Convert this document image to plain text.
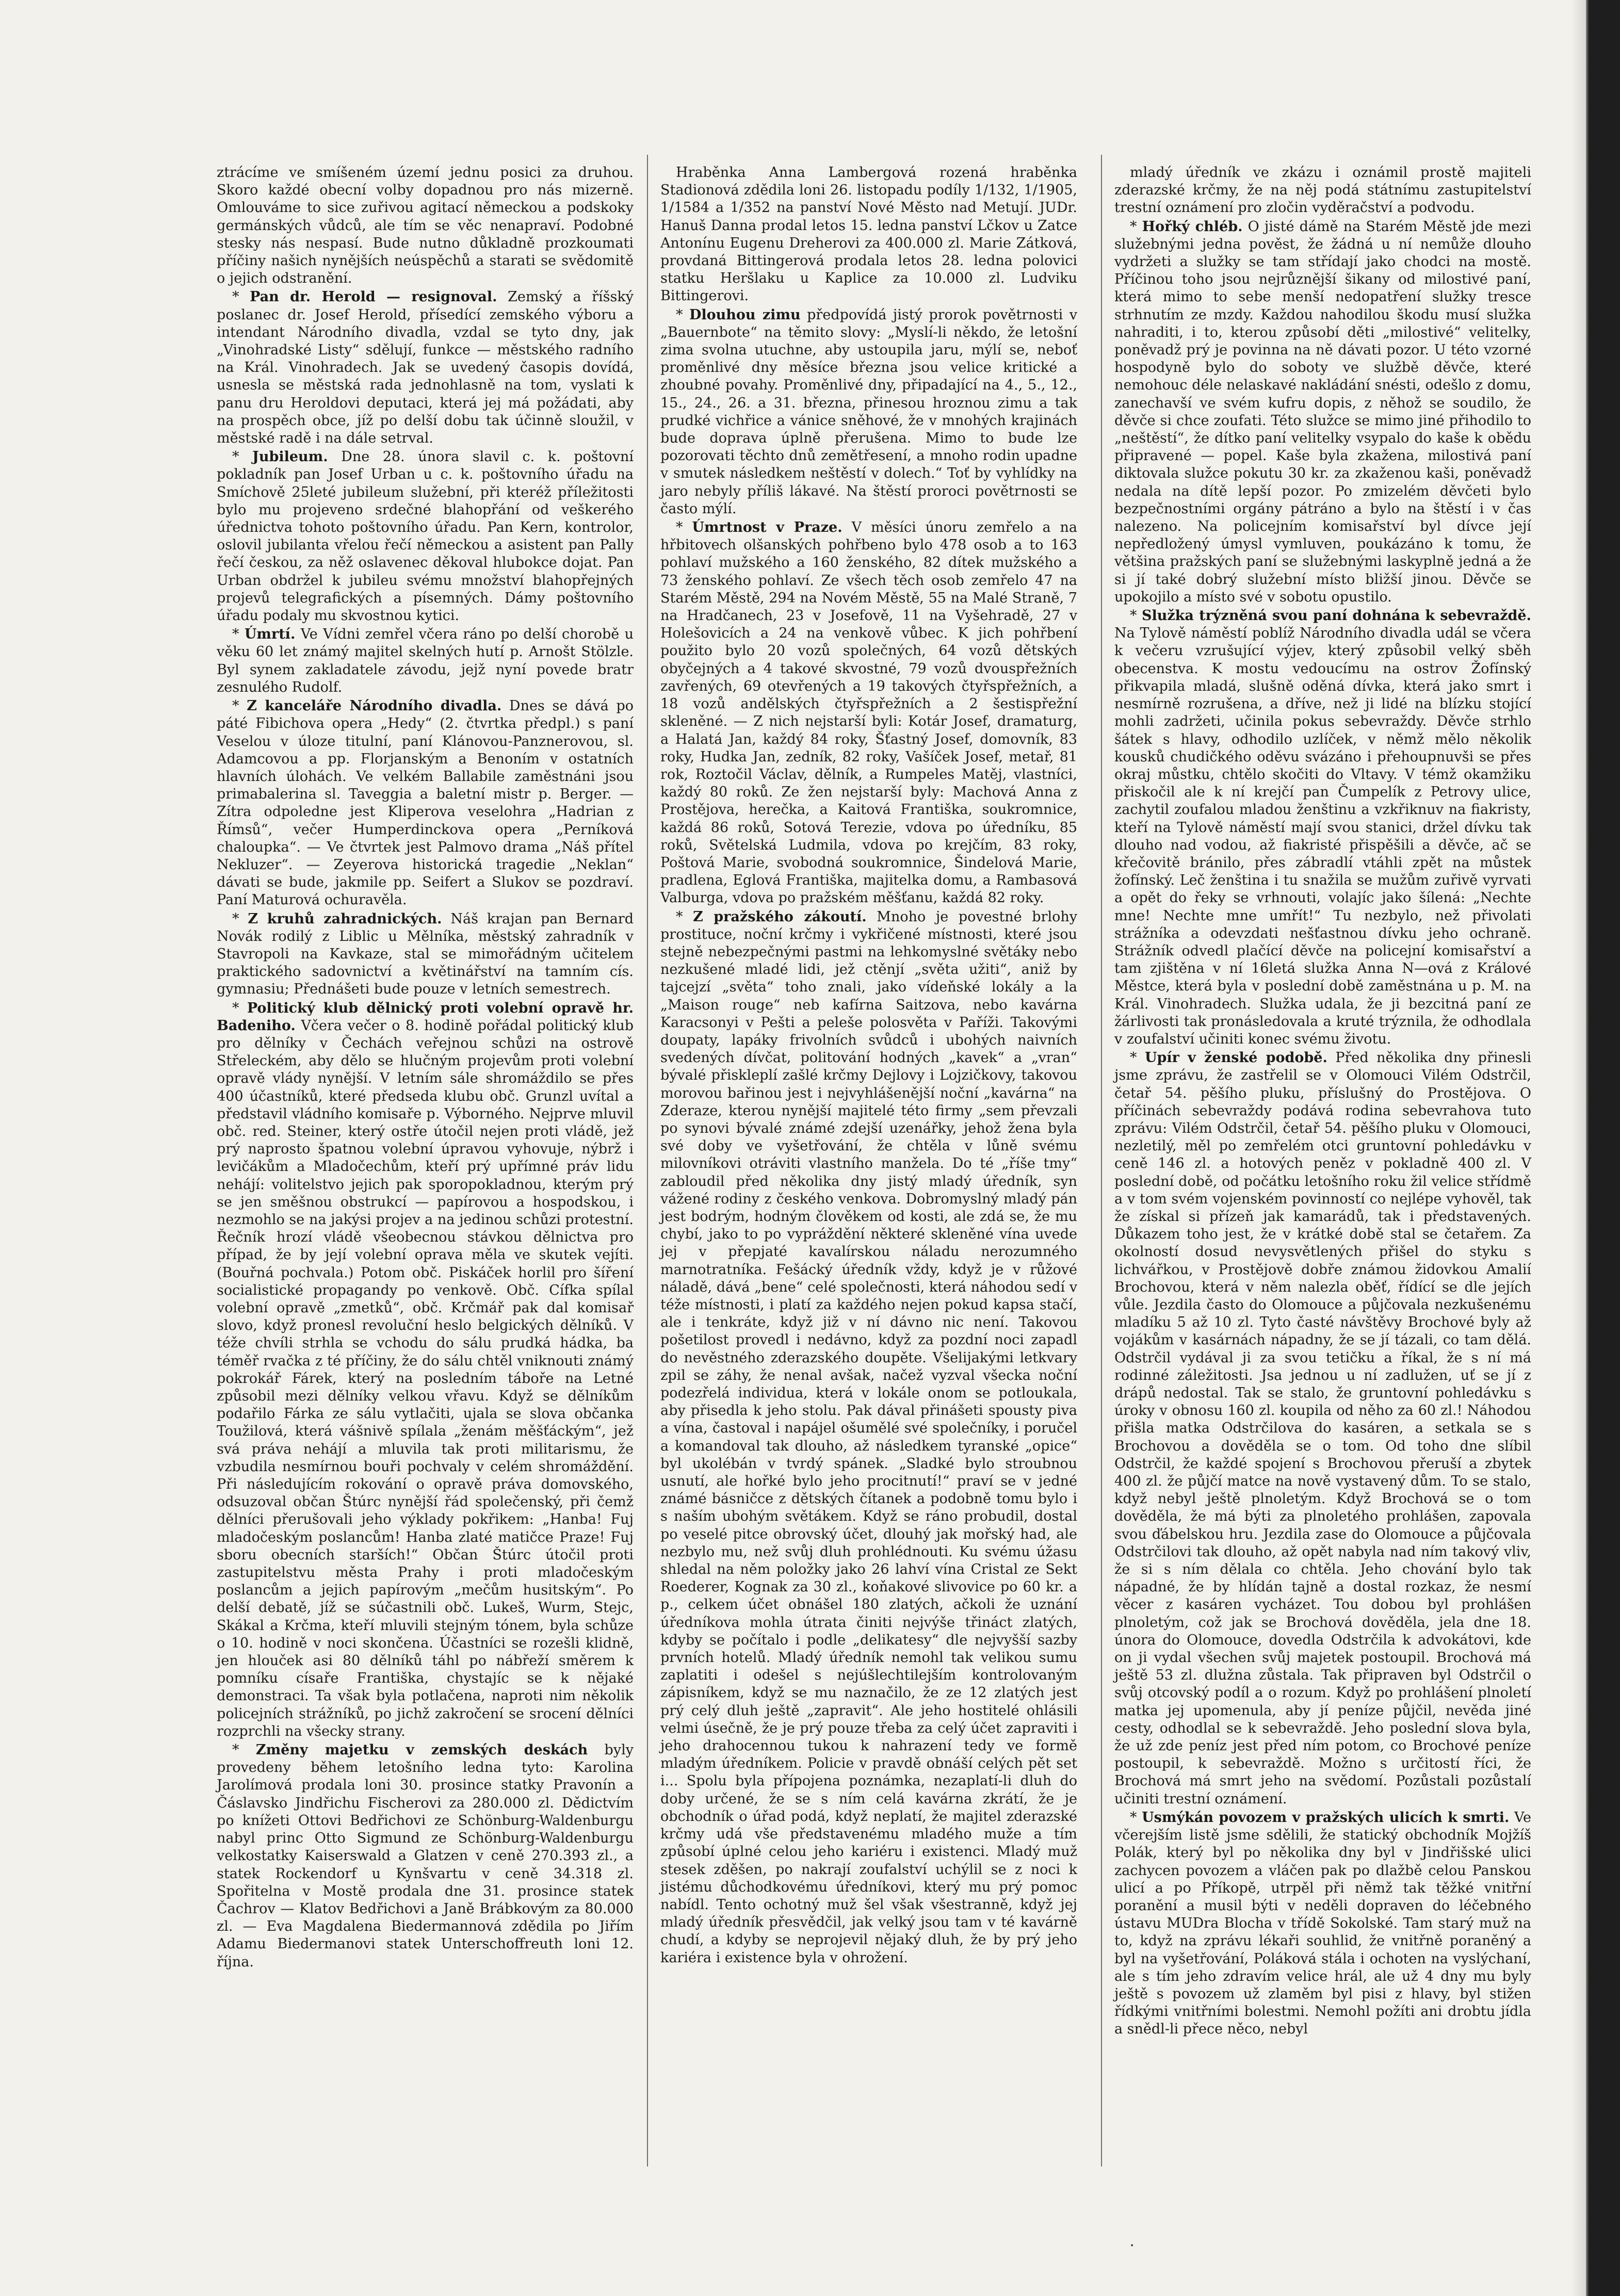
ztrácíme ve smíšeném území jednu posici za druhou. Skoro každé obecní volby dopadnou pro nás mizerně. Omlouváme to sice zuřivou agitací německou a podskoky germánských vůdců, ale tím se věc nenapraví. Podobné stesky nás nespasí. Bude nutno důkladně prozkoumati příčiny našich nynějších neúspěchů a starati se svědomitě o jejich odstranění.

* Pan dr. Herold — resignoval. Zemský a říšský poslanec dr. Josef Herold, přísedící zemského výboru a intendant Národního divadla, vzdal se tyto dny, jak „Vinohradské Listy“ sdělují, funkce — městského radního na Král. Vinohradech. Jak se uvedený časopis dovídá, usnesla se městská rada jednohlasně na tom, vyslati k panu dru Heroldovi deputaci, která jej má požádati, aby na prospěch obce, jíž po delší dobu tak účinně sloužil, v městské radě i na dále setrval.

* Jubileum. Dne 28. února slavil c. k. poštovní pokladník pan Josef Urban u c. k. poštovního úřadu na Smíchově 25leté jubileum služební, při kteréž příležitosti bylo mu projeveno srdečné blahopřání od veškerého úřednictva tohoto poštovního úřadu. Pan Kern, kontrolor, oslovil jubilanta vřelou řečí německou a asistent pan Pally řečí českou, za něž oslavenec děkoval hlubokce dojat. Pan Urban obdržel k jubileu svému množství blahopřejných projevů telegrafických a písemných. Dámy poštovního úřadu podaly mu skvostnou kytici.

* Úmrtí. Ve Vídni zemřel včera ráno po delší chorobě u věku 60 let známý majitel skelných hutí p. Arnošt Stölzle. Byl synem zakladatele závodu, jejž nyní povede bratr zesnulého Rudolf.

* Z kanceláře Národního divadla. Dnes se dává po páté Fibichova opera „Hedy“ (2. čtvrtka předpl.) s paní Veselou v úloze titulní, paní Klánovou-Panznerovou, sl. Adamcovou a pp. Florjanským a Benoním v ostatních hlavních úlohách. Ve velkém Ballabile zaměstnáni jsou primabalerina sl. Taveggia a baletní mistr p. Berger. — Zítra odpoledne jest Kliperova veselohra „Hadrian z Římsů“, večer Humperdinckova opera „Perníková chaloupka“. — Ve čtvrtek jest Palmovo drama „Náš přítel Nekluzer“. — Zeyerova historická tragedie „Neklan“ dávati se bude, jakmile pp. Seifert a Slukov se pozdraví. Paní Maturová ochuravěla.

* Z kruhů zahradnických. Náš krajan pan Bernard Novák rodilý z Liblic u Mělníka, městský zahradník v Stavropoli na Kavkaze, stal se mimořádným učitelem praktického sadovnictví a květinářství na tamním cís. gymnasiu; Přednášeti bude pouze v letních semestrech.

* Politický klub dělnický proti volební opravě hr. Badeniho. Včera večer o 8. hodině pořádal politický klub pro dělníky v Čechách veřejnou schůzi na ostrově Střeleckém, aby dělo se hlučným projevům proti volební opravě vlády nynější. V letním sále shromáždilo se přes 400 účastníků, které předseda klubu obč. Grunzl uvítal a představil vládního komisaře p. Výborného. Nejprve mluvil obč. red. Steiner, který ostře útočil nejen proti vládě, jež prý naprosto špatnou volební úpravou vyhovuje, nýbrž i levičákům a Mladočechům, kteří prý upřímné práv lidu nehájí: volitelstvo jejich pak sporopokladnou, kterým prý se jen směšnou obstrukcí — papírovou a hospodskou, i nezmohlo se na jakýsi projev a na jedinou schůzi protestní. Řečník hrozí vládě všeobecnou stávkou dělnictva pro případ, že by její volební oprava měla ve skutek vejíti. (Bouřná pochvala.) Potom obč. Piskáček horlil pro šíření socialistické propagandy po venkově. Obč. Cífka spílal volební opravě „zmetků“, obč. Krčmář pak dal komisař slovo, když pronesl revoluční heslo belgických dělníků. V téže chvíli strhla se vchodu do sálu prudká hádka, ba téměř rvačka z té příčiny, že do sálu chtěl vniknouti známý pokrokář Fárek, který na posledním táboře na Letné způsobil mezi dělníky velkou vřavu. Když se dělníkům podařilo Fárka ze sálu vytlačiti, ujala se slova občanka Toužilová, která vášnivě spílala „ženám měšťáckým“, jež svá práva nehájí a mluvila tak proti militarismu, že vzbudila nesmírnou bouři pochvaly v celém shromáždění. Při následujícím rokování o opravě práva domovského, odsuzoval občan Štúrc nynější řád společenský, při čemž dělníci přerušovali jeho výklady pokřikem: „Hanba! Fuj mladočeským poslancům! Hanba zlaté matičce Praze! Fuj sboru obecních starších!“ Občan Štúrc útočil proti zastupitelstvu města Prahy i proti mladočeským poslancům a jejich papírovým „mečům husitským“. Po delší debatě, jíž se súčastnili obč. Lukeš, Wurm, Stejc, Skákal a Krčma, kteří mluvili stejným tónem, byla schůze o 10. hodině v noci skončena. Účastníci se rozešli klidně, jen hlouček asi 80 dělníků táhl po nábřeží směrem k pomníku císaře Františka, chystajíc se k nějaké demonstraci. Ta však byla potlačena, naproti nim několik policejních strážníků, po jichž zakročení se srocení dělníci rozprchli na všecky strany.

* Změny majetku v zemských deskách byly provedeny během letošního ledna tyto: Karolina Jarolímová prodala loni 30. prosince statky Pravonín a Čáslavsko Jindřichu Fischerovi za 280.000 zl. Dědictvím po knížeti Ottovi Bedřichovi ze Schönburg-Waldenburgu nabyl princ Otto Sigmund ze Schönburg-Waldenburgu velkostatky Kaiserswald a Glatzen v ceně 270.393 zl., a statek Rockendorf u Kynšvartu v ceně 34.318 zl. Spořitelna v Mostě prodala dne 31. prosince statek Čachrov — Klatov Bedřichovi a Janě Brábkovým za 80.000 zl. — Eva Magdalena Biedermannová zdědila po Jiřím Adamu Biedermanovi statek Unterschoffreuth loni 12. října.

Hraběnka Anna Lambergová rozená hraběnka Stadionová zdědila loni 26. listopadu podíly 1/132, 1/1905, 1/1584 a 1/352 na panství Nové Město nad Metují. JUDr. Hanuš Danna prodal letos 15. ledna panství Lčkov u Zatce Antonínu Eugenu Dreherovi za 400.000 zl. Marie Zátková, provdaná Bittingerová prodala letos 28. ledna polovici statku Heršlaku u Kaplice za 10.000 zl. Ludviku Bittingerovi.

* Dlouhou zimu předpovídá jistý prorok povětrnosti v „Bauernbote“ na těmito slovy: „Myslí-li někdo, že letošní zima svolna utuchne, aby ustoupila jaru, mýlí se, neboť proměnlivé dny měsíce března jsou velice kritické a zhoubné povahy. Proměnlivé dny, připadající na 4., 5., 12., 15., 24., 26. a 31. března, přinesou hroznou zimu a tak prudké vichřice a vánice sněhové, že v mnohých krajinách bude doprava úplně přerušena. Mimo to bude lze pozorovati těchto dnů zemětřesení, a mnoho rodin upadne v smutek následkem neštěstí v dolech.“ Toť by vyhlídky na jaro nebyly příliš lákavé. Na štěstí proroci povětrnosti se často mýlí.

* Úmrtnost v Praze. V měsíci únoru zemřelo a na hřbitovech olšanských pohřbeno bylo 478 osob a to 163 pohlaví mužského a 160 ženského, 82 dítek mužského a 73 ženského pohlaví. Ze všech těch osob zemřelo 47 na Starém Městě, 294 na Novém Městě, 55 na Malé Straně, 7 na Hradčanech, 23 v Josefově, 11 na Vyšehradě, 27 v Holešovicích a 24 na venkově vůbec. K jich pohřbení použito bylo 20 vozů společných, 64 vozů dětských obyčejných a 4 takové skvostné, 79 vozů dvouspřežních zavřených, 69 otevřených a 19 takových čtyřspřežních, a 18 vozů andělských čtyřspřežních a 2 šestispřežní skleněné. — Z nich nejstarší byli: Kotár Josef, dramaturg, a Halatá Jan, každý 84 roky, Šťastný Josef, domovník, 83 roky, Hudka Jan, zedník, 82 roky, Vašíček Josef, metař, 81 rok, Roztočil Václav, dělník, a Rumpeles Matěj, vlastníci, každý 80 roků. Ze žen nejstarší byly: Machová Anna z Prostějova, herečka, a Kaitová Františka, soukromnice, každá 86 roků, Sotová Terezie, vdova po úředníku, 85 roků, Světelská Ludmila, vdova po krejčím, 83 roky, Poštová Marie, svobodná soukromnice, Šindelová Marie, pradlena, Eglová Františka, majitelka domu, a Rambasová Valburga, vdova po pražském měšťanu, každá 82 roky.

* Z pražského zákoutí. Mnoho je povestné brlohy prostituce, noční krčmy i vykřičené místnosti, které jsou stejně nebezpečnými pastmi na lehkomyslné světáky nebo nezkušené mladé lidi, jež ctěnjí „světa užiti“, aniž by tajcejzí „světa“ toho znali, jako vídeňské lokály a la „Maison rouge“ neb kafírna Saitzova, nebo kavárna Karacsonyi v Pešti a peleše polosvěta v Paříži. Takovými doupaty, lapáky frivolních svůdců i ubohých naivních svedených dívčat, politování hodných „kavek“ a „vran“ bývalé přiskleplí zašlé krčmy Dejlovy i Lojzičkovy, takovou morovou bařinou jest i nejvyhlášenější noční „kavárna“ na Zderaze, kterou nynější majitelé této firmy „sem převzali po synovi bývalé známé zdejší uzenářky, jehož žena byla své doby ve vyšetřování, že chtěla v lůně svému milovníkovi otráviti vlastního manžela. Do té „říše tmy“ zabloudil před několika dny jistý mladý úředník, syn vážené rodiny z českého venkova. Dobromyslný mladý pán jest bodrým, hodným člověkem od kosti, ale zdá se, že mu chybí, jako to po vypráždění některé skleněné vína uvede jej v přepjaté kavalírskou náladu nerozumného marnotratníka. Fešácký úředník vždy, když je v růžové náladě, dává „bene“ celé společnosti, která náhodou sedí v téže místnosti, i platí za každého nejen pokud kapsa stačí, ale i tenkráte, když již v ní dávno nic není. Takovou pošetilost provedl i nedávno, když za pozdní noci zapadl do nevěstného zderazského doupěte. Všelijakými letkvary zpil se záhy, že nenal avšak, načež vyzval všecka noční podezřelá individua, která v lokále onom se potloukala, aby přisedla k jeho stolu. Pak dával přinášeti spousty piva a vína, častoval i napájel ošumělé své společníky, i poručel a komandoval tak dlouho, až následkem tyranské „opice“ byl ukolébán v tvrdý spánek. „Sladké bylo stroubnou usnutí, ale hořké bylo jeho procitnutí!“ praví se v jedné známé básničce z dětských čítanek a podobně tomu bylo i s naším ubohým světákem. Když se ráno probudil, dostal po veselé pitce obrovský účet, dlouhý jak mořský had, ale nezbylo mu, než svůj dluh prohlédnouti. Ku svému úžasu shledal na něm položky jako 26 lahví vína Cristal ze Sekt Roederer, Kognak za 30 zl., koňakové slivovice po 60 kr. a p., celkem účet obnášel 180 zlatých, ačkoli že uznání úředníkova mohla útrata činiti nejvýše třináct zlatých, kdyby se počítalo i podle „delikatesy“ dle nejvyšší sazby prvních hotelů. Mladý úředník nemohl tak velikou sumu zaplatiti i odešel s nejúšlechtilejším kontrolovaným zápisníkem, když se mu naznačilo, že ze 12 zlatých jest prý celý dluh ještě „zapravit“. Ale jeho hostitelé ohlásili velmi úsečně, že je prý pouze třeba za celý účet zapraviti i jeho drahocennou tukou k nahrazení tedy ve formě mladým úředníkem. Policie v pravdě obnáší celých pět set i... Spolu byla přípojena poznámka, nezaplatí-li dluh do doby určené, že se s ním celá kavárna zkrátí, že je obchodník o úřad podá, když neplatí, že majitel zderazské krčmy udá vše představenému mladého muže a tím způsobí úplné celou jeho kariéru i existenci. Mladý muž stesek zděšen, po nakrají zoufalství uchýlil se z noci k jistému důchodkovému úředníkovi, který mu prý pomoc nabídl. Tento ochotný muž šel však všestranně, když jej mladý úředník přesvědčil, jak velký jsou tam v té kavárně chudí, a kdyby se neprojevil nějaký dluh, že by prý jeho kariéra i existence byla v ohrožení.

mladý úředník ve zkázu i oznámil prostě majiteli zderazské krčmy, že na něj podá státnímu zastupitelství trestní oznámení pro zločin vyděračství a podvodu.

* Hořký chléb. O jisté dámě na Starém Městě jde mezi služebnými jedna pověst, že žádná u ní nemůže dlouho vydržeti a služky se tam střídají jako chodci na mostě. Příčinou toho jsou nejrůznější šikany od milostivé paní, která mimo to sebe menší nedopatření služky tresce strhnutím ze mzdy. Každou nahodilou škodu musí služka nahraditi, i to, kterou způsobí děti „milostivé“ velitelky, poněvadž prý je povinna na ně dávati pozor. U této vzorné hospodyně bylo do soboty ve službě děvče, které nemohouc déle nelaskavé nakládání snésti, odešlo z domu, zanechavší ve svém kufru dopis, z něhož se soudilo, že děvče si chce zoufati. Této služce se mimo jiné přihodilo to „neštěstí“, že dítko paní velitelky vsypalo do kaše k obědu připravené — popel. Kaše byla zkažena, milostivá paní diktovala služce pokutu 30 kr. za zkaženou kaši, poněvadž nedala na dítě lepší pozor. Po zmizelém děvčeti bylo bezpečnostními orgány pátráno a bylo na štěstí i v čas nalezeno. Na policejním komisařství byl dívce její nepředložený úmysl vymluven, poukázáno k tomu, že většina pražských paní se služebnými laskyplně jedná a že si jí také dobrý služební místo bližší jinou. Děvče se upokojilo a místo své v sobotu opustilo.

* Služka trýzněná svou paní dohnána k sebevraždě. Na Tylově náměstí poblíž Národního divadla udál se včera k večeru vzrušující výjev, který způsobil velký sběh obecenstva. K mostu vedoucímu na ostrov Žofínský přikvapila mladá, slušně oděná dívka, která jako smrt i nesmírně rozrušena, a dříve, než ji lidé na blízku stojící mohli zadržeti, učinila pokus sebevraždy. Děvče strhlo šátek s hlavy, odhodilo uzlíček, v němž mělo několik kousků chudičkého oděvu svázáno i přehoupnuvši se přes okraj můstku, chtělo skočiti do Vltavy. V témž okamžiku přiskočil ale k ní krejčí pan Čumpelík z Petrovy ulice, zachytil zoufalou mladou ženštinu a vzkřiknuv na fiakristy, kteří na Tylově náměstí mají svou stanici, držel dívku tak dlouho nad vodou, až fiakristé přispěšili a děvče, ač se křečovitě bránilo, přes zábradlí vtáhli zpět na můstek žofínský. Leč ženština i tu snažila se mužům zuřivě vyrvati a opět do řeky se vrhnouti, volajíc jako šílená: „Nechte mne! Nechte mne umřít!“ Tu nezbylo, než přivolati strážníka a odevzdati nešťastnou dívku jeho ochraně. Strážník odvedl plačící děvče na policejní komisařství a tam zjištěna v ní 16letá služka Anna N—ová z Králové Městce, která byla v poslední době zaměstnána u p. M. na Král. Vinohradech. Služka udala, že ji bezcitná paní ze žárlivosti tak pronásledovala a kruté trýznila, že odhodlala v zoufalství učiniti konec svému životu.

* Upír v ženské podobě. Před několika dny přinesli jsme zprávu, že zastřelil se v Olomouci Vilém Odstrčil, četař 54. pěšího pluku, příslušný do Prostějova. O příčinách sebevraždy podává rodina sebevrahova tuto zprávu: Vilém Odstrčil, četař 54. pěšího pluku v Olomouci, nezletilý, měl po zemřelém otci gruntovní pohledávku v ceně 146 zl. a hotových peněz v pokladně 400 zl. V poslední době, od počátku letošního roku žil velice střídmě a v tom svém vojenském povinností co nejlépe vyhověl, tak že získal si přízeň jak kamarádů, tak i představených. Důkazem toho jest, že v krátké době stal se četařem. Za okolností dosud nevysvětlených přišel do styku s lichvářkou, v Prostějově dobře známou židovkou Amalií Brochovou, která v něm nalezla oběť, řídící se dle jejích vůle. Jezdila často do Olomouce a půjčovala nezkušenému mladíku 5 až 10 zl. Tyto časté návštěvy Brochové byly až vojákům v kasárnách nápadny, že se jí tázali, co tam dělá. Odstrčil vydával ji za svou tetičku a říkal, že s ní má rodinné záležitosti. Jsa jednou u ní zadlužen, uť se jí z drápů nedostal. Tak se stalo, že gruntovní pohledávku s úroky v obnosu 160 zl. koupila od něho za 60 zl.! Náhodou přišla matka Odstrčilova do kasáren, a setkala se s Brochovou a dověděla se o tom. Od toho dne slíbil Odstrčil, že každé spojení s Brochovou přeruší a zbytek 400 zl. že půjčí matce na nově vystavený dům. To se stalo, když nebyl ještě plnoletým. Když Brochová se o tom dověděla, že má býti za plnoletého prohlášen, zapovala svou ďábelskou hru. Jezdila zase do Olomouce a půjčovala Odstrčilovi tak dlouho, až opět nabyla nad ním takový vliv, že si s ním dělala co chtěla. Jeho chování bylo tak nápadné, že by hlídán tajně a dostal rozkaz, že nesmí věcer z kasáren vycházet. Tou dobou byl prohlášen plnoletým, což jak se Brochová dověděla, jela dne 18. února do Olomouce, dovedla Odstrčila k advokátovi, kde on ji vydal všechen svůj majetek postoupil. Brochová má ještě 53 zl. dlužna zůstala. Tak připraven byl Odstrčil o svůj otcovský podíl a o rozum. Když po prohlášení plnoletí matka jej upomenula, aby jí peníze půjčil, nevěda jiné cesty, odhodlal se k sebevraždě. Jeho poslední slova byla, že už zde peníz jest před ním potom, co Brochové peníze postoupil, k sebevraždě. Možno s určitostí říci, že Brochová má smrt jeho na svědomí. Pozůstali pozůstalí učiniti trestní oznámení.

* Usmýkán povozem v pražských ulicích k smrti. Ve včerejším listě jsme sdělili, že statický obchodník Mojžíš Polák, který byl po několika dny byl v Jindřišské ulici zachycen povozem a vláčen pak po dlažbě celou Panskou ulicí a po Příkopě, utrpěl při němž tak těžké vnitřní poranění a musil býti v neděli dopraven do léčebného ústavu MUDra Blocha v třídě Sokolské. Tam starý muž na to, když na zprávu lékaři souhlid, že vnitřně poraněný a byl na vyšetřování, Poláková stála i ochoten na vyslýchaní, ale s tím jeho zdravím velice hrál, ale už 4 dny mu byly ještě s povozem už zlaměm byl pisi z hlavy, byl stižen řídkými vnitřními bolestmi. Nemohl požíti ani drobtu jídla a snědl-li přece něco, nebyl

•
